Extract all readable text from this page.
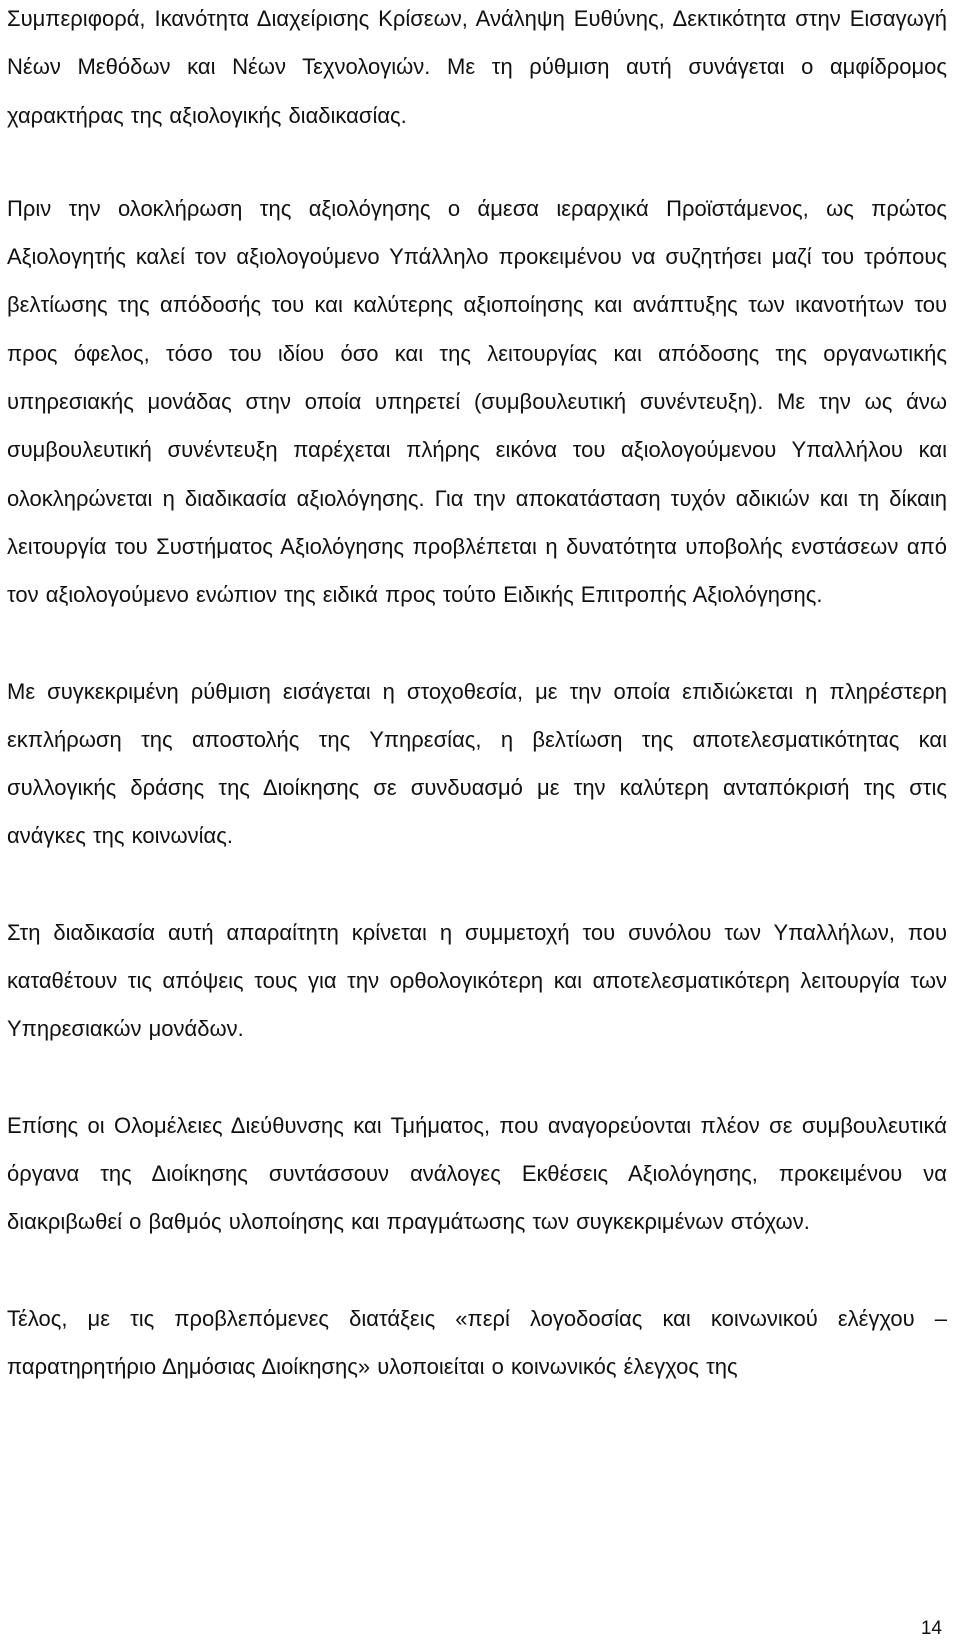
Συμπεριφορά, Ικανότητα Διαχείρισης Κρίσεων, Ανάληψη Ευθύνης, Δεκτικότητα στην Εισαγωγή Νέων Μεθόδων και Νέων Τεχνολογιών. Με τη ρύθμιση αυτή συνάγεται ο αμφίδρομος χαρακτήρας της αξιολογικής διαδικασίας.

Πριν την ολοκλήρωση της αξιολόγησης ο άμεσα ιεραρχικά Προϊστάμενος, ως πρώτος Αξιολογητής καλεί τον αξιολογούμενο Υπάλληλο προκειμένου να συζητήσει μαζί του τρόπους βελτίωσης της απόδοσής του και καλύτερης αξιοποίησης και ανάπτυξης των ικανοτήτων του προς όφελος, τόσο του ιδίου όσο και της λειτουργίας και απόδοσης της οργανωτικής υπηρεσιακής μονάδας στην οποία υπηρετεί (συμβουλευτική συνέντευξη). Με την ως άνω συμβουλευτική συνέντευξη παρέχεται πλήρης εικόνα του αξιολογούμενου Υπαλλήλου και ολοκληρώνεται η διαδικασία αξιολόγησης. Για την αποκατάσταση τυχόν αδικιών και τη δίκαιη λειτουργία του Συστήματος Αξιολόγησης προβλέπεται η δυνατότητα υποβολής ενστάσεων από τον αξιολογούμενο ενώπιον της ειδικά προς τούτο Ειδικής Επιτροπής Αξιολόγησης.

Με συγκεκριμένη ρύθμιση εισάγεται η στοχοθεσία, με την οποία επιδιώκεται η πληρέστερη εκπλήρωση της αποστολής της Υπηρεσίας, η βελτίωση της αποτελεσματικότητας και συλλογικής δράσης της Διοίκησης σε συνδυασμό με την καλύτερη ανταπόκρισή της στις ανάγκες της κοινωνίας.

Στη διαδικασία αυτή απαραίτητη κρίνεται η συμμετοχή του συνόλου των Υπαλλήλων, που καταθέτουν τις απόψεις τους για την ορθολογικότερη και αποτελεσματικότερη λειτουργία των Υπηρεσιακών μονάδων.

Επίσης οι Ολομέλειες Διεύθυνσης και Τμήματος, που αναγορεύονται πλέον σε συμβουλευτικά όργανα της Διοίκησης συντάσσουν ανάλογες Εκθέσεις Αξιολόγησης, προκειμένου να διακριβωθεί ο βαθμός υλοποίησης και πραγμάτωσης των συγκεκριμένων στόχων.

Τέλος, με τις προβλεπόμενες διατάξεις «περί λογοδοσίας και κοινωνικού ελέγχου – παρατηρητήριο Δημόσιας Διοίκησης» υλοποιείται ο κοινωνικός έλεγχος της

14
